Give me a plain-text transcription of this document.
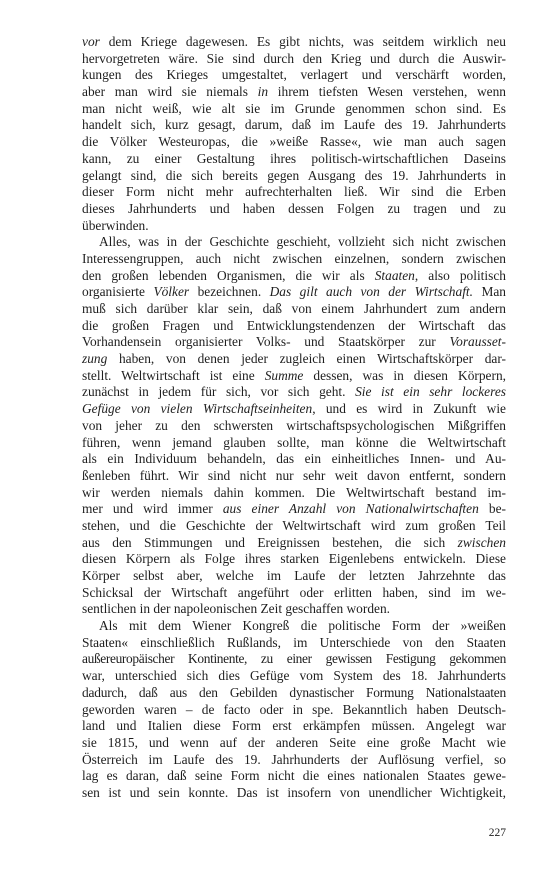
vor dem Kriege dagewesen. Es gibt nichts, was seitdem wirklich neu
hervorgetreten wäre. Sie sind durch den Krieg und durch die Auswir-
kungen des Krieges umgestaltet, verlagert und verschärft worden,
aber man wird sie niemals in ihrem tiefsten Wesen verstehen, wenn
man nicht weiß, wie alt sie im Grunde genommen schon sind. Es
handelt sich, kurz gesagt, darum, daß im Laufe des 19. Jahrhunderts
die Völker Westeuropas, die »weiße Rasse«, wie man auch sagen
kann, zu einer Gestaltung ihres politisch-wirtschaftlichen Daseins
gelangt sind, die sich bereits gegen Ausgang des 19. Jahrhunderts in
dieser Form nicht mehr aufrechterhalten ließ. Wir sind die Erben
dieses Jahrhunderts und haben dessen Folgen zu tragen und zu
überwinden.
Alles, was in der Geschichte geschieht, vollzieht sich nicht zwischen
Interessengruppen, auch nicht zwischen einzelnen, sondern zwischen
den großen lebenden Organismen, die wir als Staaten, also politisch
organisierte Völker bezeichnen. Das gilt auch von der Wirtschaft. Man
muß sich darüber klar sein, daß von einem Jahrhundert zum andern
die großen Fragen und Entwicklungstendenzen der Wirtschaft das
Vorhandensein organisierter Volks- und Staatskörper zur Vorausset-
zung haben, von denen jeder zugleich einen Wirtschaftskörper dar-
stellt. Weltwirtschaft ist eine Summe dessen, was in diesen Körpern,
zunächst in jedem für sich, vor sich geht. Sie ist ein sehr lockeres
Gefüge von vielen Wirtschaftseinheiten, und es wird in Zukunft wie
von jeher zu den schwersten wirtschaftspsychologischen Mißgriffen
führen, wenn jemand glauben sollte, man könne die Weltwirtschaft
als ein Individuum behandeln, das ein einheitliches Innen- und Au-
ßenleben führt. Wir sind nicht nur sehr weit davon entfernt, sondern
wir werden niemals dahin kommen. Die Weltwirtschaft bestand im-
mer und wird immer aus einer Anzahl von Nationalwirtschaften be-
stehen, und die Geschichte der Weltwirtschaft wird zum großen Teil
aus den Stimmungen und Ereignissen bestehen, die sich zwischen
diesen Körpern als Folge ihres starken Eigenlebens entwickeln. Diese
Körper selbst aber, welche im Laufe der letzten Jahrzehnte das
Schicksal der Wirtschaft angeführt oder erlitten haben, sind im we-
sentlichen in der napoleonischen Zeit geschaffen worden.
Als mit dem Wiener Kongreß die politische Form der »weißen
Staaten« einschließlich Rußlands, im Unterschiede von den Staaten
außereuropäischer Kontinente, zu einer gewissen Festigung gekommen
war, unterschied sich dies Gefüge vom System des 18. Jahrhunderts
dadurch, daß aus den Gebilden dynastischer Formung Nationalstaaten
geworden waren – de facto oder in spe. Bekanntlich haben Deutsch-
land und Italien diese Form erst erkämpfen müssen. Angelegt war
sie 1815, und wenn auf der anderen Seite eine große Macht wie
Österreich im Laufe des 19. Jahrhunderts der Auflösung verfiel, so
lag es daran, daß seine Form nicht die eines nationalen Staates gewe-
sen ist und sein konnte. Das ist insofern von unendlicher Wichtigkeit,
227
